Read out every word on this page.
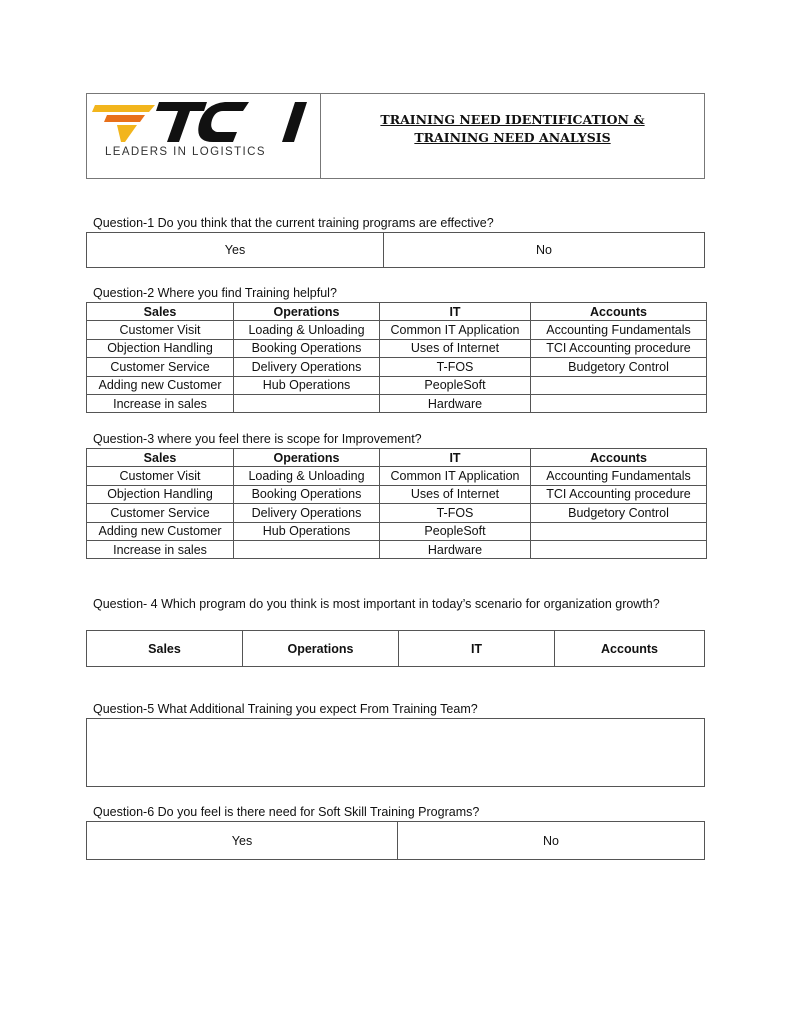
LEADERS IN LOGISTICS
TRAINING NEED IDENTIFICATION &
TRAINING NEED ANALYSIS
Question-1 Do you think that the current training programs are effective?
Yes	No
Question-2 Where you find Training helpful?
Sales	Operations	IT	Accounts
Customer Visit	Loading & Unloading	Common IT Application	Accounting Fundamentals
Objection Handling	Booking Operations	Uses of Internet	TCI Accounting procedure
Customer Service	Delivery Operations	T-FOS	Budgetory Control
Adding new Customer	Hub Operations	PeopleSoft	
Increase in sales		Hardware	
Question-3 where you feel there is scope for Improvement?
Sales	Operations	IT	Accounts
Customer Visit	Loading & Unloading	Common IT Application	Accounting Fundamentals
Objection Handling	Booking Operations	Uses of Internet	TCI Accounting procedure
Customer Service	Delivery Operations	T-FOS	Budgetory Control
Adding new Customer	Hub Operations	PeopleSoft	
Increase in sales		Hardware	
Question- 4 Which program do you think is most important in today’s scenario for organization growth?
Sales	Operations	IT	Accounts
Question-5 What Additional Training you expect From Training Team?
Question-6 Do you feel is there need for Soft Skill Training Programs?
Yes	No
